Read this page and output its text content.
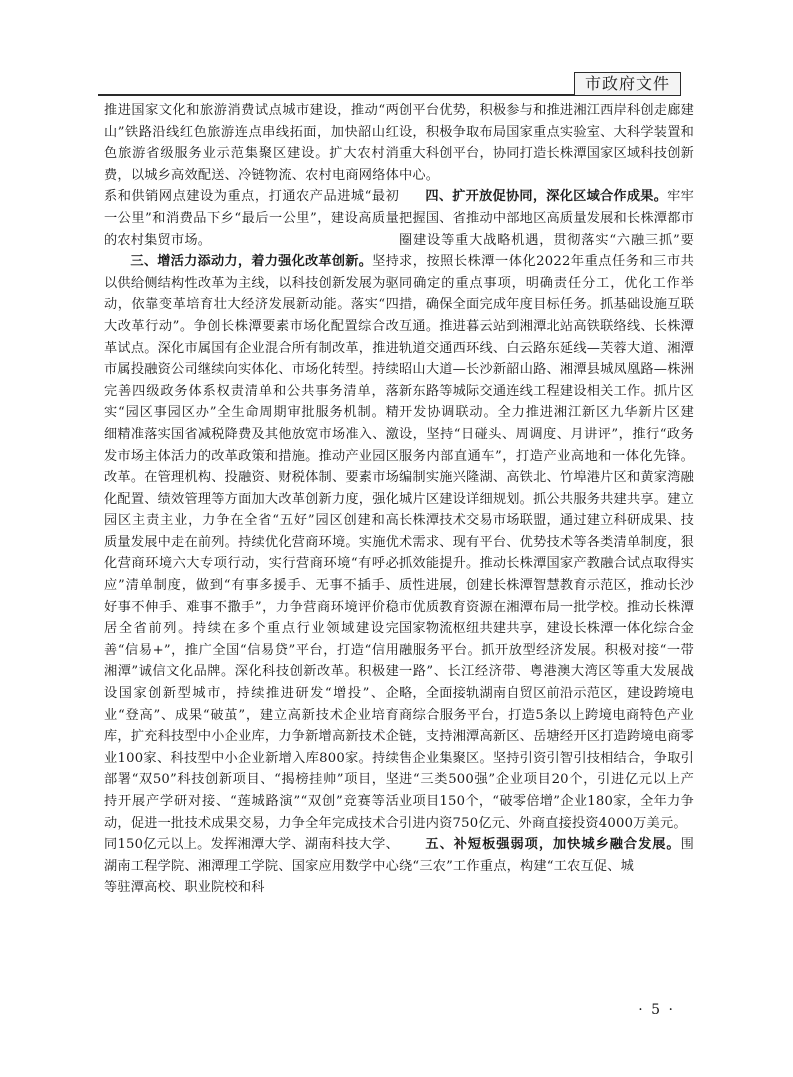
市政府文件

推进国家文化和旅游消费试点城市建设，推动“两山”铁路沿线红色旅游连点串线拓面，加快韶山红色旅游省级服务业示范集聚区建设。扩大农村消费，以城乡高效配送、冷链物流、农村电商网络体系和供销网点建设为重点，打通农产品进城“最初一公里”和消费品下乡“最后一公里”，建设高质量的农村集贸市场。

三、增活力添动力，着力强化改革创新。坚持以供给侧结构性改革为主线，以科技创新发展为驱动，依靠变革培育壮大经济发展新动能。落实“四大改革行动”。争创长株潭要素市场化配置综合改革试点。深化市属国有企业混合所有制改革，推进市属投融资公司继续向实体化、市场化转型。持续完善四级政务体系权责清单和公共事务清单，落实“园区事园区办”全生命周期审批服务机制。精细精准落实国省减税降费及其他放宽市场准入、激发市场主体活力的改革政策和措施。推动产业园区改革。在管理机构、投融资、财税体制、要素市场化配置、绩效管理等方面加大改革创新力度，强化园区主责主业，力争在全省“五好”园区创建和高质量发展中走在前列。持续优化营商环境。实施优化营商环境六大专项行动，实行营商环境“有呼必应”清单制度，做到“有事多援手、无事不插手、好事不伸手、难事不撒手”，力争营商环境评价稳居全省前列。持续在多个重点行业领域建设完善“信易+”，推广全国“信易贷”平台，打造“信用湘潭”诚信文化品牌。深化科技创新改革。积极建设国家创新型城市，持续推进研发“增投”、企业“登高”、成果“破茧”，建立高新技术企业培育库，扩充科技型中小企业库，力争新增高新技术企业100家、科技型中小企业新增入库800家。持续部署“双50”科技创新项目、“揭榜挂帅”项目，坚持开展产学研对接、“莲城路演”“双创”竞赛等活动，促进一批技术成果交易，力争全年完成技术合同150亿元以上。发挥湘潭大学、湖南科技大学、湖南工程学院、湘潭理工学院、国家应用数学中心等驻潭高校、职业院校和科

创平台优势，积极参与和推进湘江西岸科创走廊建设，积极争取布局国家重点实验室、大科学装置和重大科创平台，协同打造长株潭国家区域科技创新中心。

四、扩开放促协同，深化区域合作成果。牢牢把握国、省推动中部地区高质量发展和长株潭都市圈建设等重大战略机遇，贯彻落实“六融三抓”要求，按照长株潭一体化2022年重点任务和三市共同确定的重点事项，明确责任分工，优化工作举措，确保全面完成年度目标任务。抓基础设施互联互通。推进暮云站到湘潭北站高铁联络线、长株潭轨道交通西环线、白云路东延线—芙蓉大道、湘潭昭山大道—长沙新韶山路、湘潭县城凤凰路—株洲新东路等城际交通连线工程建设相关工作。抓片区开发协调联动。全力推进湘江新区九华新片区建设，坚持“日碰头、周调度、月讲评”，推行“政务服务内部直通车”，打造产业高地和一体化先锋。编制实施兴隆湖、高铁北、竹埠港片区和黄家湾融城片区建设详细规划。抓公共服务共建共享。建立长株潭技术交易市场联盟，通过建立科研成果、技术需求、现有平台、优势技术等各类清单制度，狠抓效能提升。推动长株潭国家产教融合试点取得实质性进展，创建长株潭智慧教育示范区，推动长沙市优质教育资源在湘潭布局一批学校。推动长株潭国家物流枢纽共建共享，建设长株潭一体化综合金融服务平台。抓开放型经济发展。积极对接“一带一路”、长江经济带、粤港澳大湾区等重大发展战略，全面接轨湖南自贸区前沿示范区，建设跨境电商综合服务平台，打造5条以上跨境电商特色产业链，支持湘潭高新区、岳塘经开区打造跨境电商零售企业集聚区。坚持引资引智引技相结合，争取引进“三类500强”企业项目20个，引进亿元以上产业项目150个，“破零倍增”企业180家，全年力争引进内资750亿元、外商直接投资4000万美元。

五、补短板强弱项，加快城乡融合发展。围绕“三农”工作重点，构建“工农互促、城

· 5 ·
